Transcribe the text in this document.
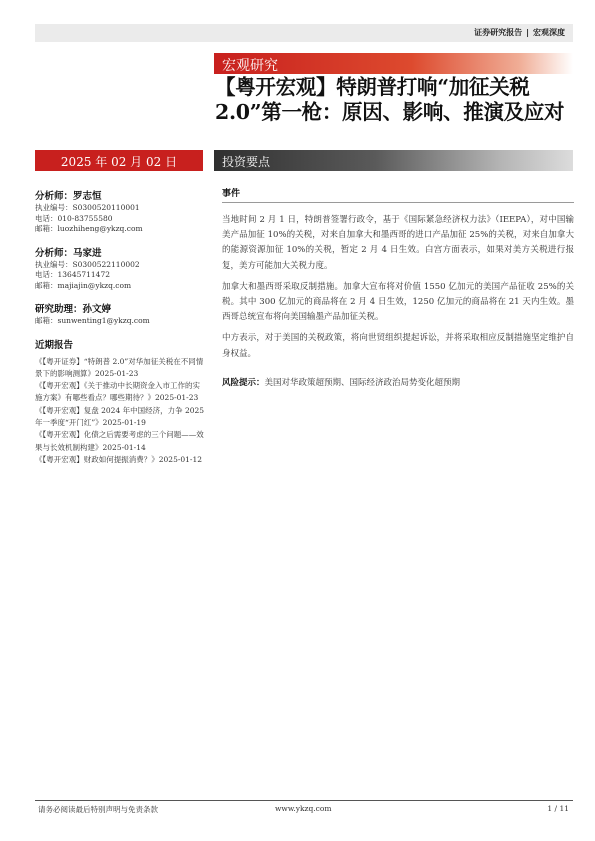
证券研究报告 | 宏观深度
宏观研究
【粤开宏观】特朗普打响“加征关税2.0”第一枪：原因、影响、推演及应对
2025 年 02 月 02 日	投资要点
分析师：罗志恒
执业编号：S0300520110001
电话：010-83755580
邮箱：luozhiheng@ykzq.com
分析师：马家进
执业编号：S0300522110002
电话：13645711472
邮箱：majiajin@ykzq.com
研究助理：孙文婷
邮箱：sunwenting1@ykzq.com
近期报告
《【粤开证券】“特朗普 2.0”对华加征关税在不同情景下的影响测算》2025-01-23
《【粤开宏观】《关于推动中长期资金入市工作的实施方案》有哪些看点？哪些期待？》2025-01-23
《【粤开宏观】复盘 2024 年中国经济，力争 2025 年一季度“开门红”》2025-01-19
《【粤开宏观】化债之后需要考虑的三个问题——效果与长效机制构建》2025-01-14
《【粤开宏观】财政如何提振消费？》2025-01-12
事件

当地时间 2 月 1 日，特朗普签署行政令，基于《国际紧急经济权力法》（IEEPA），对中国输美产品加征 10%的关税，对来自加拿大和墨西哥的进口产品加征 25%的关税，对来自加拿大的能源资源加征 10%的关税，暂定 2 月 4 日生效。白宫方面表示，如果对美方关税进行报复，美方可能加大关税力度。

加拿大和墨西哥采取反制措施。加拿大宣布将对价值 1550 亿加元的美国产品征收 25%的关税。其中 300 亿加元的商品将在 2 月 4 日生效，1250 亿加元的商品将在 21 天内生效。墨西哥总统宣布将向美国输墨产品加征关税。

中方表示，对于美国的关税政策，将向世贸组织提起诉讼，并将采取相应反制措施坚定维护自身权益。

风险提示：美国对华政策超预期、国际经济政治局势变化超预期
请务必阅读最后特别声明与免责条款	www.ykzq.com	1 / 11
